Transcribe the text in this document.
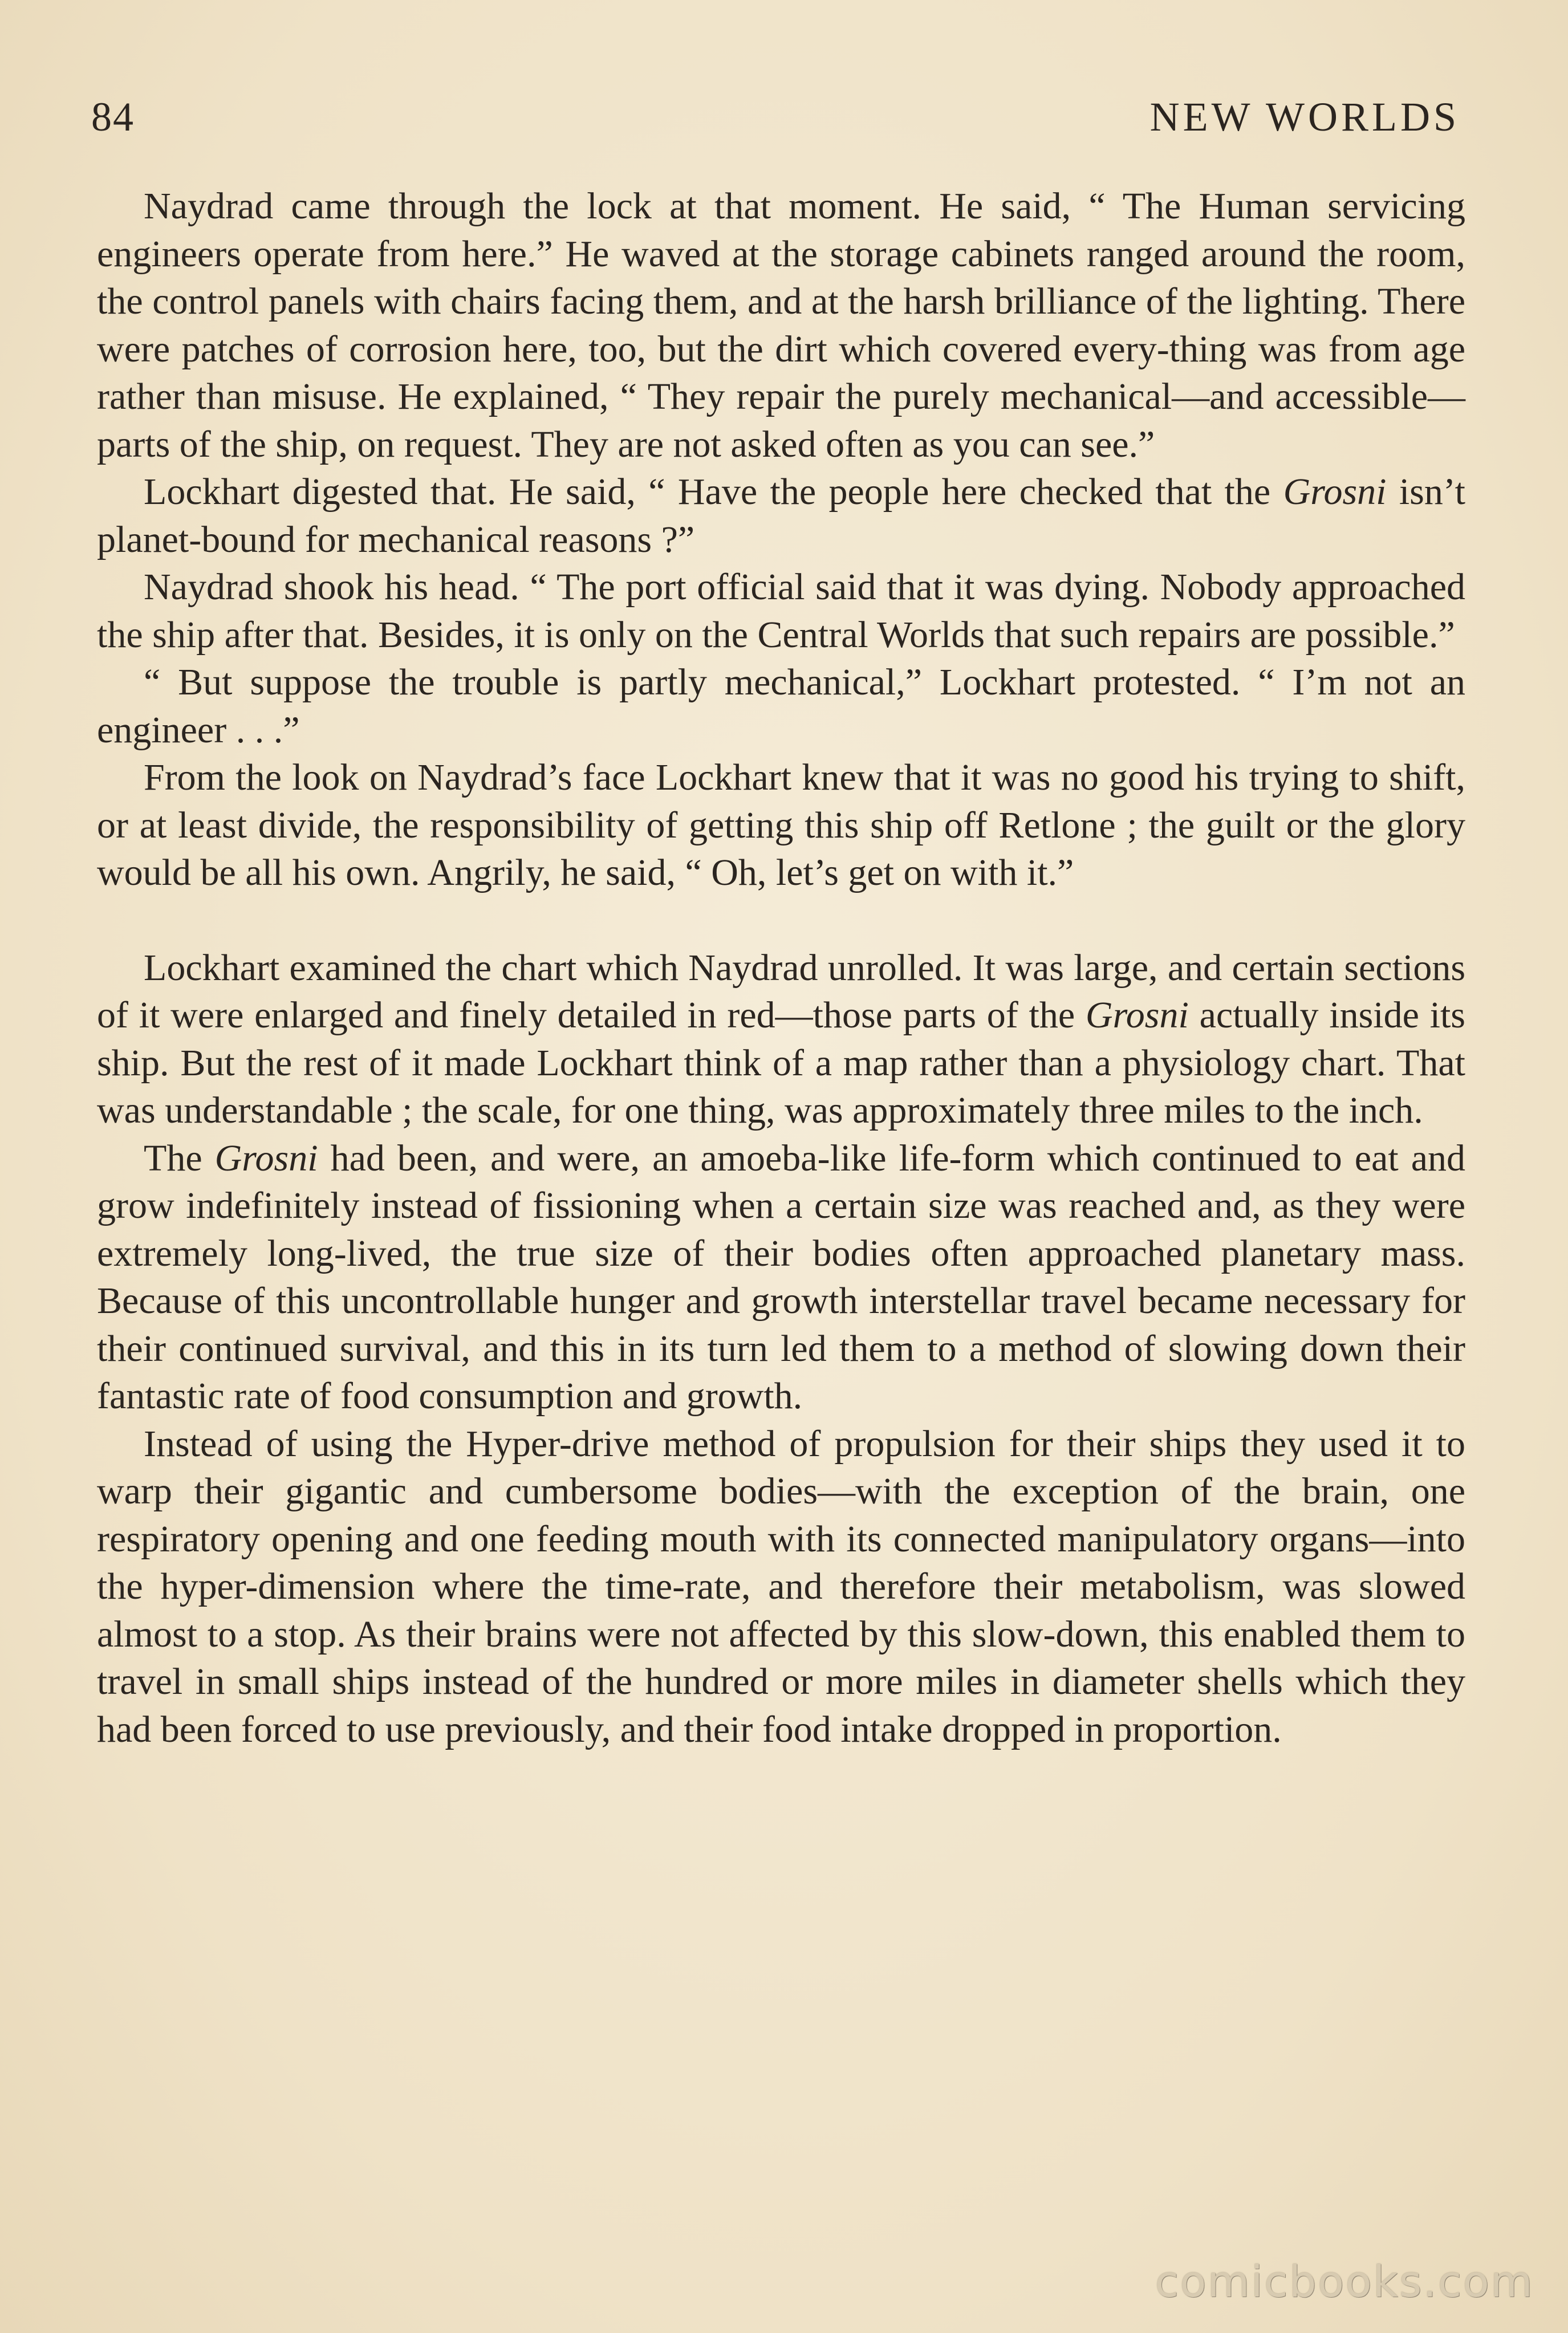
84	NEW WORLDS

Naydrad came through the lock at that moment. He said, “ The Human servicing engineers operate from here.” He waved at the storage cabinets ranged around the room, the control panels with chairs facing them, and at the harsh brilliance of the lighting. There were patches of corrosion here, too, but the dirt which covered every-thing was from age rather than misuse. He explained, “ They repair the purely mechanical—and accessible—parts of the ship, on request. They are not asked often as you can see.”

Lockhart digested that. He said, “ Have the people here checked that the Grosni isn’t planet-bound for mechanical reasons ?”

Naydrad shook his head. “ The port official said that it was dying. Nobody approached the ship after that. Besides, it is only on the Central Worlds that such repairs are possible.”

“ But suppose the trouble is partly mechanical,” Lockhart protested. “ I’m not an engineer . . .”

From the look on Naydrad’s face Lockhart knew that it was no good his trying to shift, or at least divide, the responsibility of getting this ship off Retlone ; the guilt or the glory would be all his own. Angrily, he said, “ Oh, let’s get on with it.”

Lockhart examined the chart which Naydrad unrolled. It was large, and certain sections of it were enlarged and finely detailed in red—those parts of the Grosni actually inside its ship. But the rest of it made Lockhart think of a map rather than a physiology chart. That was understandable ; the scale, for one thing, was approximately three miles to the inch.

The Grosni had been, and were, an amoeba-like life-form which continued to eat and grow indefinitely instead of fissioning when a certain size was reached and, as they were extremely long-lived, the true size of their bodies often approached planetary mass. Because of this uncontrollable hunger and growth interstellar travel became necessary for their continued survival, and this in its turn led them to a method of slowing down their fantastic rate of food consumption and growth.

Instead of using the Hyper-drive method of propulsion for their ships they used it to warp their gigantic and cumbersome bodies—with the exception of the brain, one respiratory opening and one feeding mouth with its connected manipulatory organs—into the hyper-dimension where the time-rate, and therefore their metabolism, was slowed almost to a stop. As their brains were not affected by this slow-down, this enabled them to travel in small ships instead of the hundred or more miles in diameter shells which they had been forced to use previously, and their food intake dropped in proportion.

comicbooks.com
